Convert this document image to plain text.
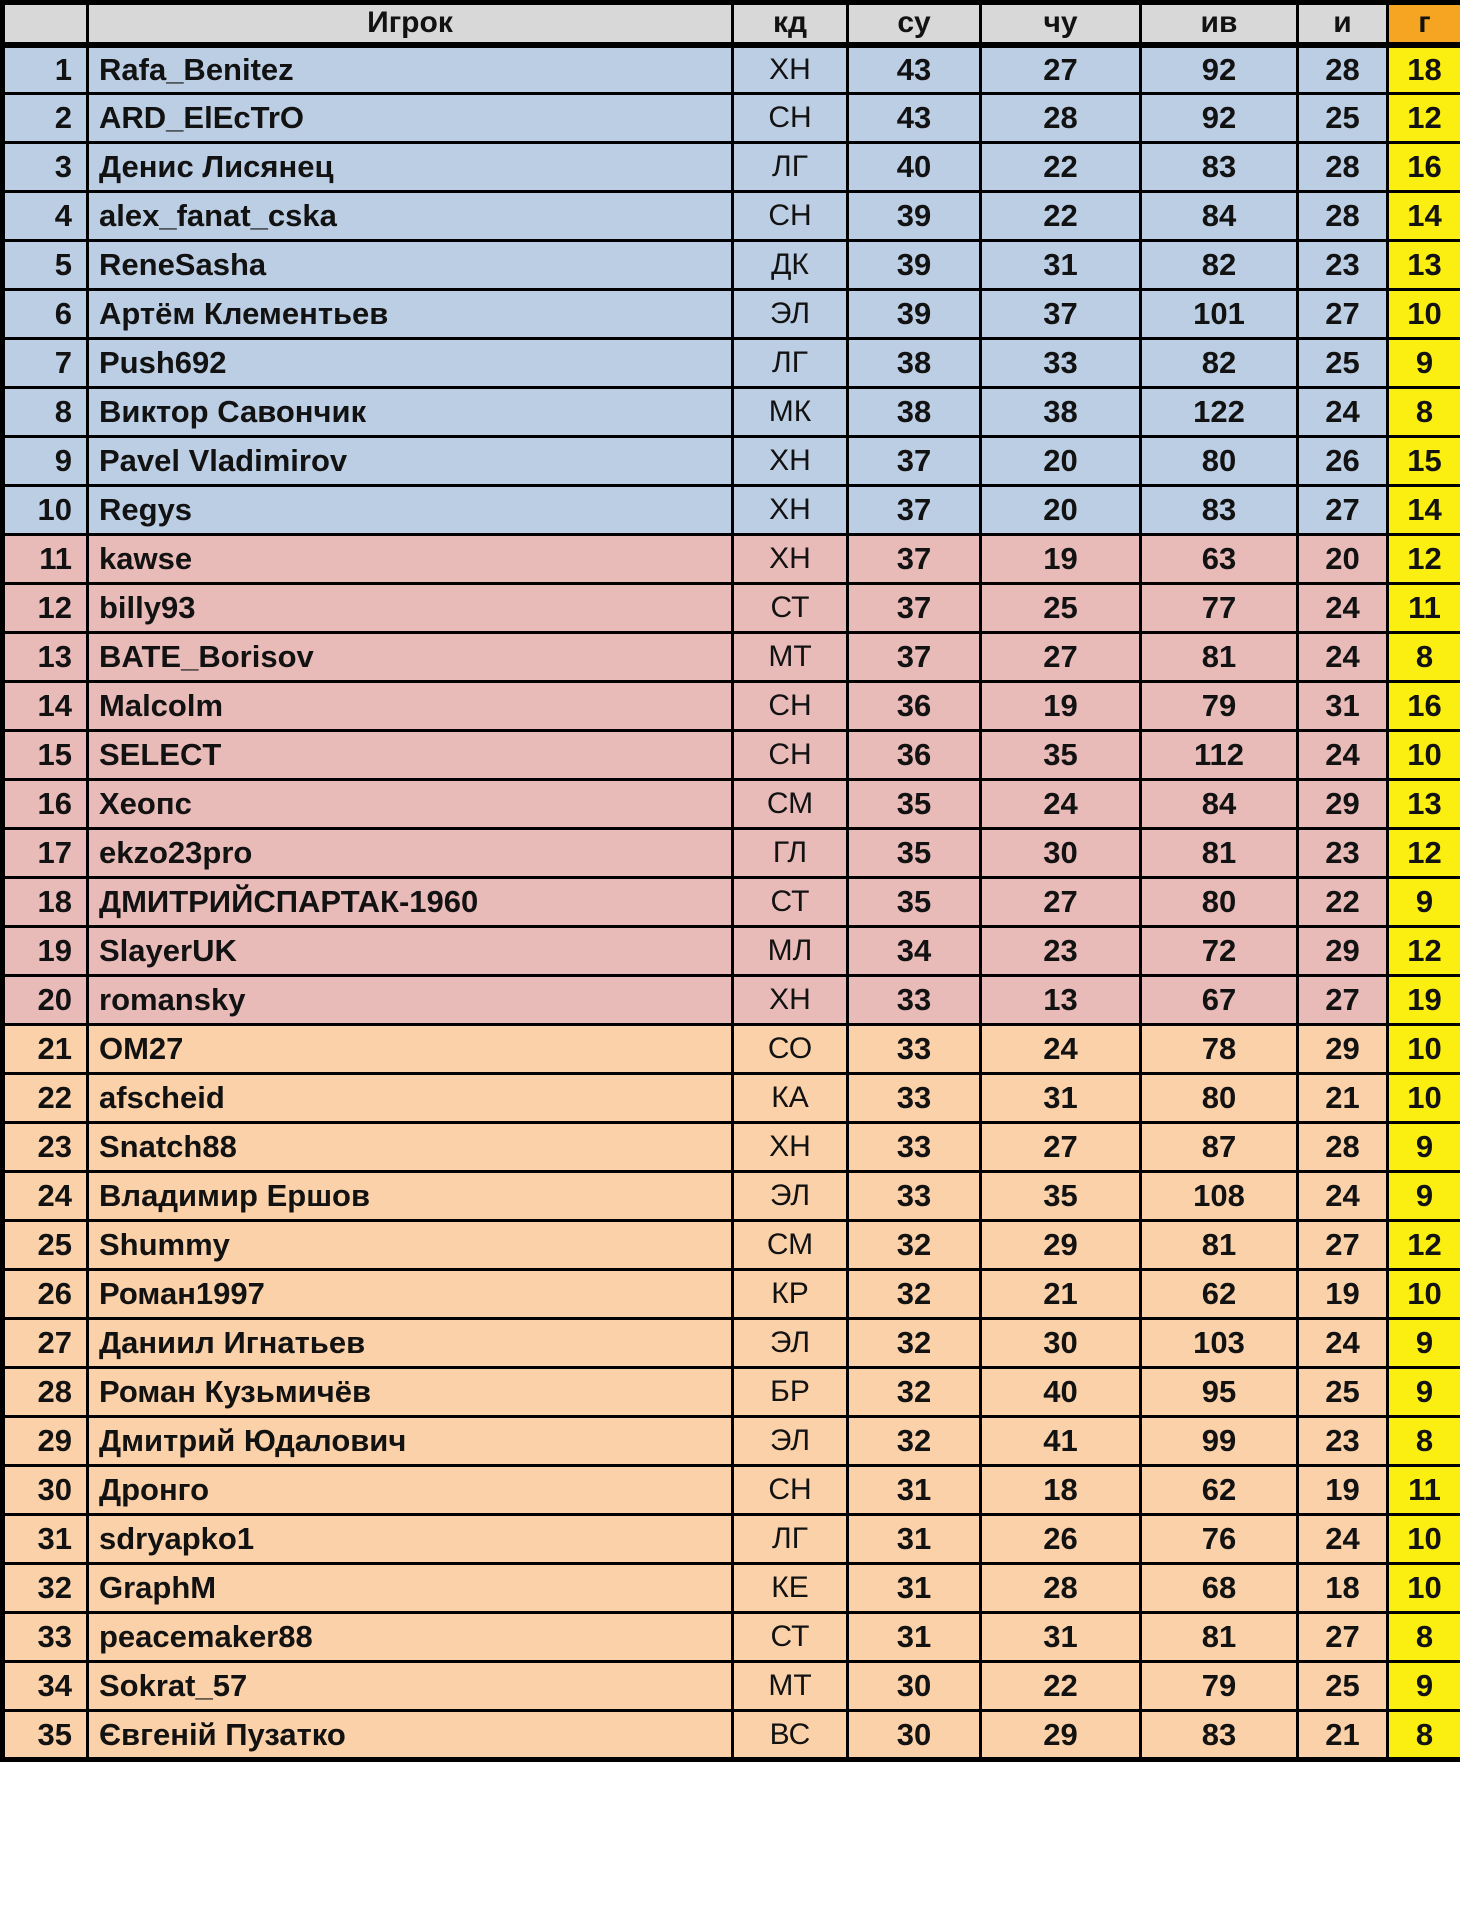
	Игрок	кд	су	чу	ив	и	г
1	Rafa_Benitez	ХН	43	27	92	28	18
2	ARD_ElEcTrO	СН	43	28	92	25	12
3	Денис Лисянец	ЛГ	40	22	83	28	16
4	alex_fanat_cska	СН	39	22	84	28	14
5	ReneSasha	ДК	39	31	82	23	13
6	Артём Клементьев	ЭЛ	39	37	101	27	10
7	Push692	ЛГ	38	33	82	25	9
8	Виктор Савончик	МК	38	38	122	24	8
9	Pavel Vladimirov	ХН	37	20	80	26	15
10	Regys	ХН	37	20	83	27	14
11	kawse	ХН	37	19	63	20	12
12	billy93	СТ	37	25	77	24	11
13	BATE_Borisov	МТ	37	27	81	24	8
14	Malcolm	СН	36	19	79	31	16
15	SELECT	СН	36	35	112	24	10
16	Хеопс	СМ	35	24	84	29	13
17	ekzo23pro	ГЛ	35	30	81	23	12
18	ДМИТРИЙСПАРТАК-1960	СТ	35	27	80	22	9
19	SlayerUK	МЛ	34	23	72	29	12
20	romansky	ХН	33	13	67	27	19
21	OM27	СО	33	24	78	29	10
22	afscheid	КА	33	31	80	21	10
23	Snatch88	ХН	33	27	87	28	9
24	Владимир Ершов	ЭЛ	33	35	108	24	9
25	Shummy	СМ	32	29	81	27	12
26	Роман1997	КР	32	21	62	19	10
27	Даниил Игнатьев	ЭЛ	32	30	103	24	9
28	Роман Кузьмичёв	БР	32	40	95	25	9
29	Дмитрий Юдалович	ЭЛ	32	41	99	23	8
30	Дронго	СН	31	18	62	19	11
31	sdryapko1	ЛГ	31	26	76	24	10
32	GraphM	КЕ	31	28	68	18	10
33	peacemaker88	СТ	31	31	81	27	8
34	Sokrat_57	МТ	30	22	79	25	9
35	Євгеній Пузатко	ВС	30	29	83	21	8
